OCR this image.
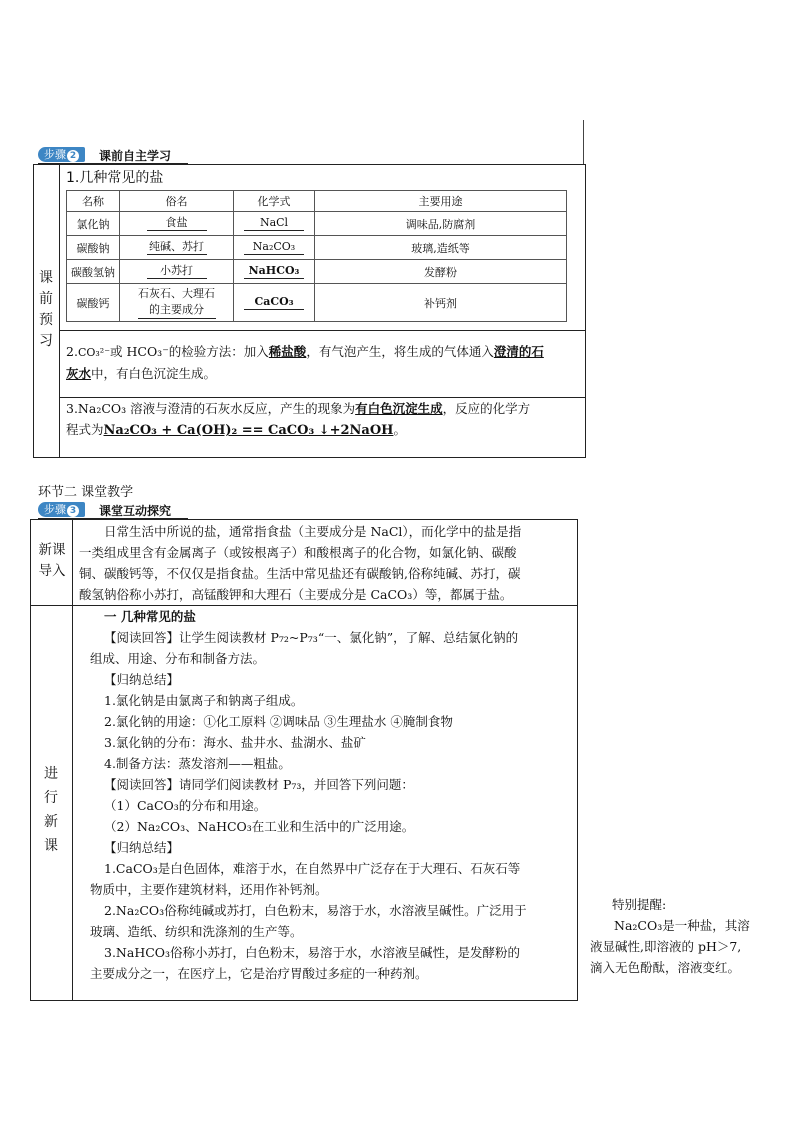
步骤 2	课前自主学习
课
前
预
习
1.几种常见的盐
名称	俗名	化学式	主要用途
氯化钠	食盐	NaCl	调味品,防腐剂
碳酸钠	纯碱、苏打	Na₂CO₃	玻璃,造纸等
碳酸氢钠	小苏打	NaHCO₃	发酵粉
碳酸钙	石灰石、大理石的主要成分	CaCO₃	补钙剂
2.CO₃²⁻或 HCO₃⁻的检验方法：加入稀盐酸，有气泡产生，将生成的气体通入澄清的石
灰水中，有白色沉淀生成。
3.Na₂CO₃ 溶液与澄清的石灰水反应，产生的现象为有白色沉淀生成，反应的化学方
程式为Na₂CO₃ + Ca(OH)₂ == CaCO₃ ↓+2NaOH。
环节二 课堂教学
步骤 3	课堂互动探究
新课
导入
日常生活中所说的盐，通常指食盐（主要成分是 NaCl），而化学中的盐是指
一类组成里含有金属离子（或铵根离子）和酸根离子的化合物，如氯化钠、碳酸
铜、碳酸钙等，不仅仅是指食盐。生活中常见盐还有碳酸钠,俗称纯碱、苏打，碳
酸氢钠俗称小苏打，高锰酸钾和大理石（主要成分是 CaCO₃）等，都属于盐。
进
行
新
课
一 几种常见的盐
【阅读回答】让学生阅读教材 P₇₂~P₇₃“一、氯化钠”，了解、总结氯化钠的
组成、用途、分布和制备方法。
【归纳总结】
1.氯化钠是由氯离子和钠离子组成。
2.氯化钠的用途：①化工原料 ②调味品 ③生理盐水 ④腌制食物
3.氯化钠的分布：海水、盐井水、盐湖水、盐矿
4.制备方法：蒸发溶剂——粗盐。
【阅读回答】请同学们阅读教材 P₇₃，并回答下列问题：
（1）CaCO₃的分布和用途。
（2）Na₂CO₃、NaHCO₃在工业和生活中的广泛用途。
【归纳总结】
1.CaCO₃是白色固体，难溶于水，在自然界中广泛存在于大理石、石灰石等
物质中，主要作建筑材料，还用作补钙剂。
2.Na₂CO₃俗称纯碱或苏打，白色粉末，易溶于水，水溶液呈碱性。广泛用于
玻璃、造纸、纺织和洗涤剂的生产等。
3.NaHCO₃俗称小苏打，白色粉末，易溶于水，水溶液呈碱性，是发酵粉的
主要成分之一，在医疗上，它是治疗胃酸过多症的一种药剂。
特别提醒:
Na₂CO₃是一种盐，其溶
液显碱性,即溶液的 pH＞7,
滴入无色酚酞，溶液变红。
